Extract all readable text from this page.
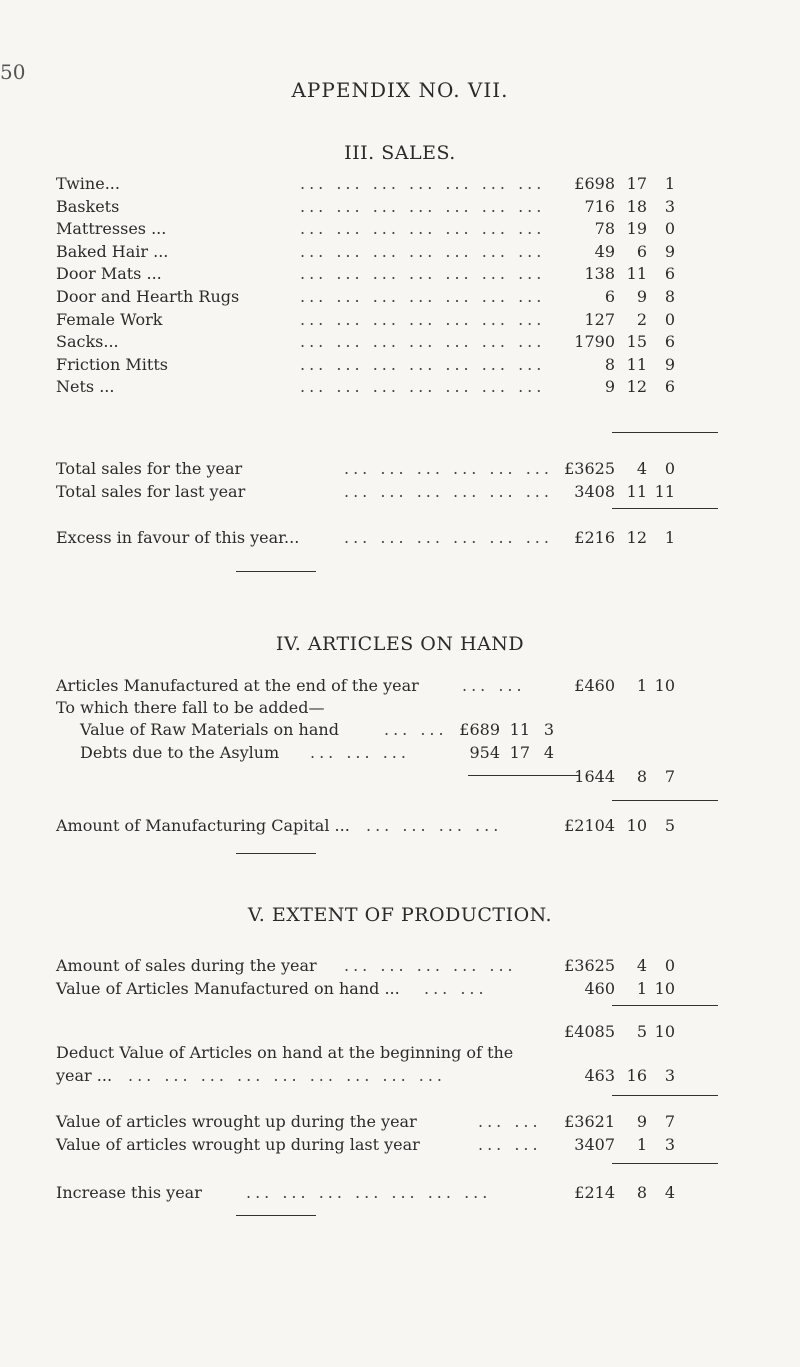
50
APPENDIX NO. VII.
III. SALES.
Twine...	... ... ... ... ... ... ...	£698 17 1
Baskets	... ... ... ... ... ... ...	716 18 3
Mattresses ...	... ... ... ... ... ... ...	78 19 0
Baked Hair ...	... ... ... ... ... ... ...	49 6 9
Door Mats ...	... ... ... ... ... ... ...	138 11 6
Door and Hearth Rugs	... ... ... ... ... ... ...	6 9 8
Female Work	... ... ... ... ... ... ...	127 2 0
Sacks...	... ... ... ... ... ... ...	1790 15 6
Friction Mitts	... ... ... ... ... ... ...	8 11 9
Nets ...	... ... ... ... ... ... ...	9 12 6
Total sales for the year	... ... ... ... ... ... £3625 4 0
Total sales for last year	... ... ... ... ... ...	3408 11 11
Excess in favour of this year...	... ... ... ... ... ...	£216 12 1
IV. ARTICLES ON HAND
Articles Manufactured at the end of the year	... ...	£460 1 10
To which there fall to be added—
Value of Raw Materials on hand	... ... £689 11 3
Debts due to the Asylum ... ... ...	954 17 4
1644 8 7
Amount of Manufacturing Capital ... ... ... ... ...	£2104 10 5
V. EXTENT OF PRODUCTION.
Amount of sales during the year ... ... ... ... ...	£3625 4 0
Value of Articles Manufactured on hand ... ... ...	460 1 10
£4085 5 10
Deduct Value of Articles on hand at the beginning of the
year ... ... ... ... ... ... ... ... ... ...	463 16 3
Value of articles wrought up during the year	... ...	£3621 9 7
Value of articles wrought up during last year	... ...	3407 1 3
Increase this year	... ... ... ... ... ... ...	£214 8 4
